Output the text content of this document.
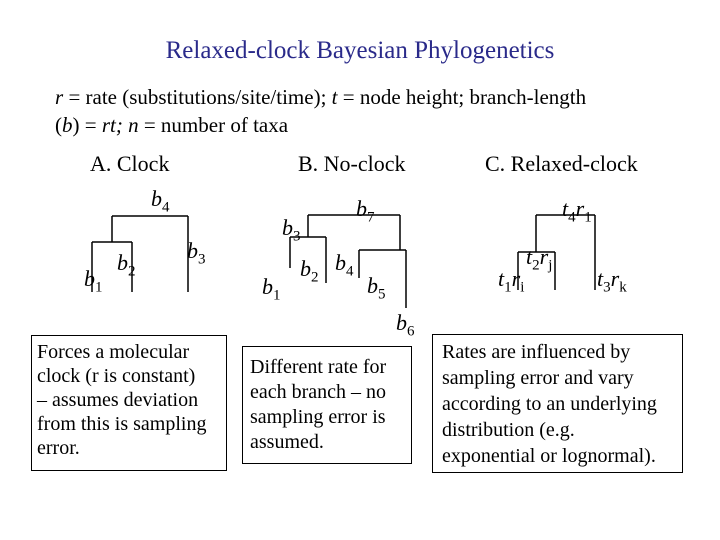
Relaxed-clock Bayesian Phylogenetics
r = rate (substitutions/site/time); t = node height; branch-length
(b) = rt; n = number of taxa
A. Clock	B. No-clock	C. Relaxed-clock
$b_4$
$b_2$
$b_3$
$b_1$
$b_7$
$b_3$
$b_2$
$b_4$
$b_1$	$b_5$
$b_6$
$t_4r_1$
$t_2r_j$
$t_1r_i$	$t_3r_k$
Forces a molecular
clock (r is constant)
– assumes deviation
from this is sampling
error.
Different rate for
each branch – no
sampling error is
assumed.
Rates are influenced by
sampling error and vary
according to an underlying
distribution (e.g.
exponential or lognormal).
